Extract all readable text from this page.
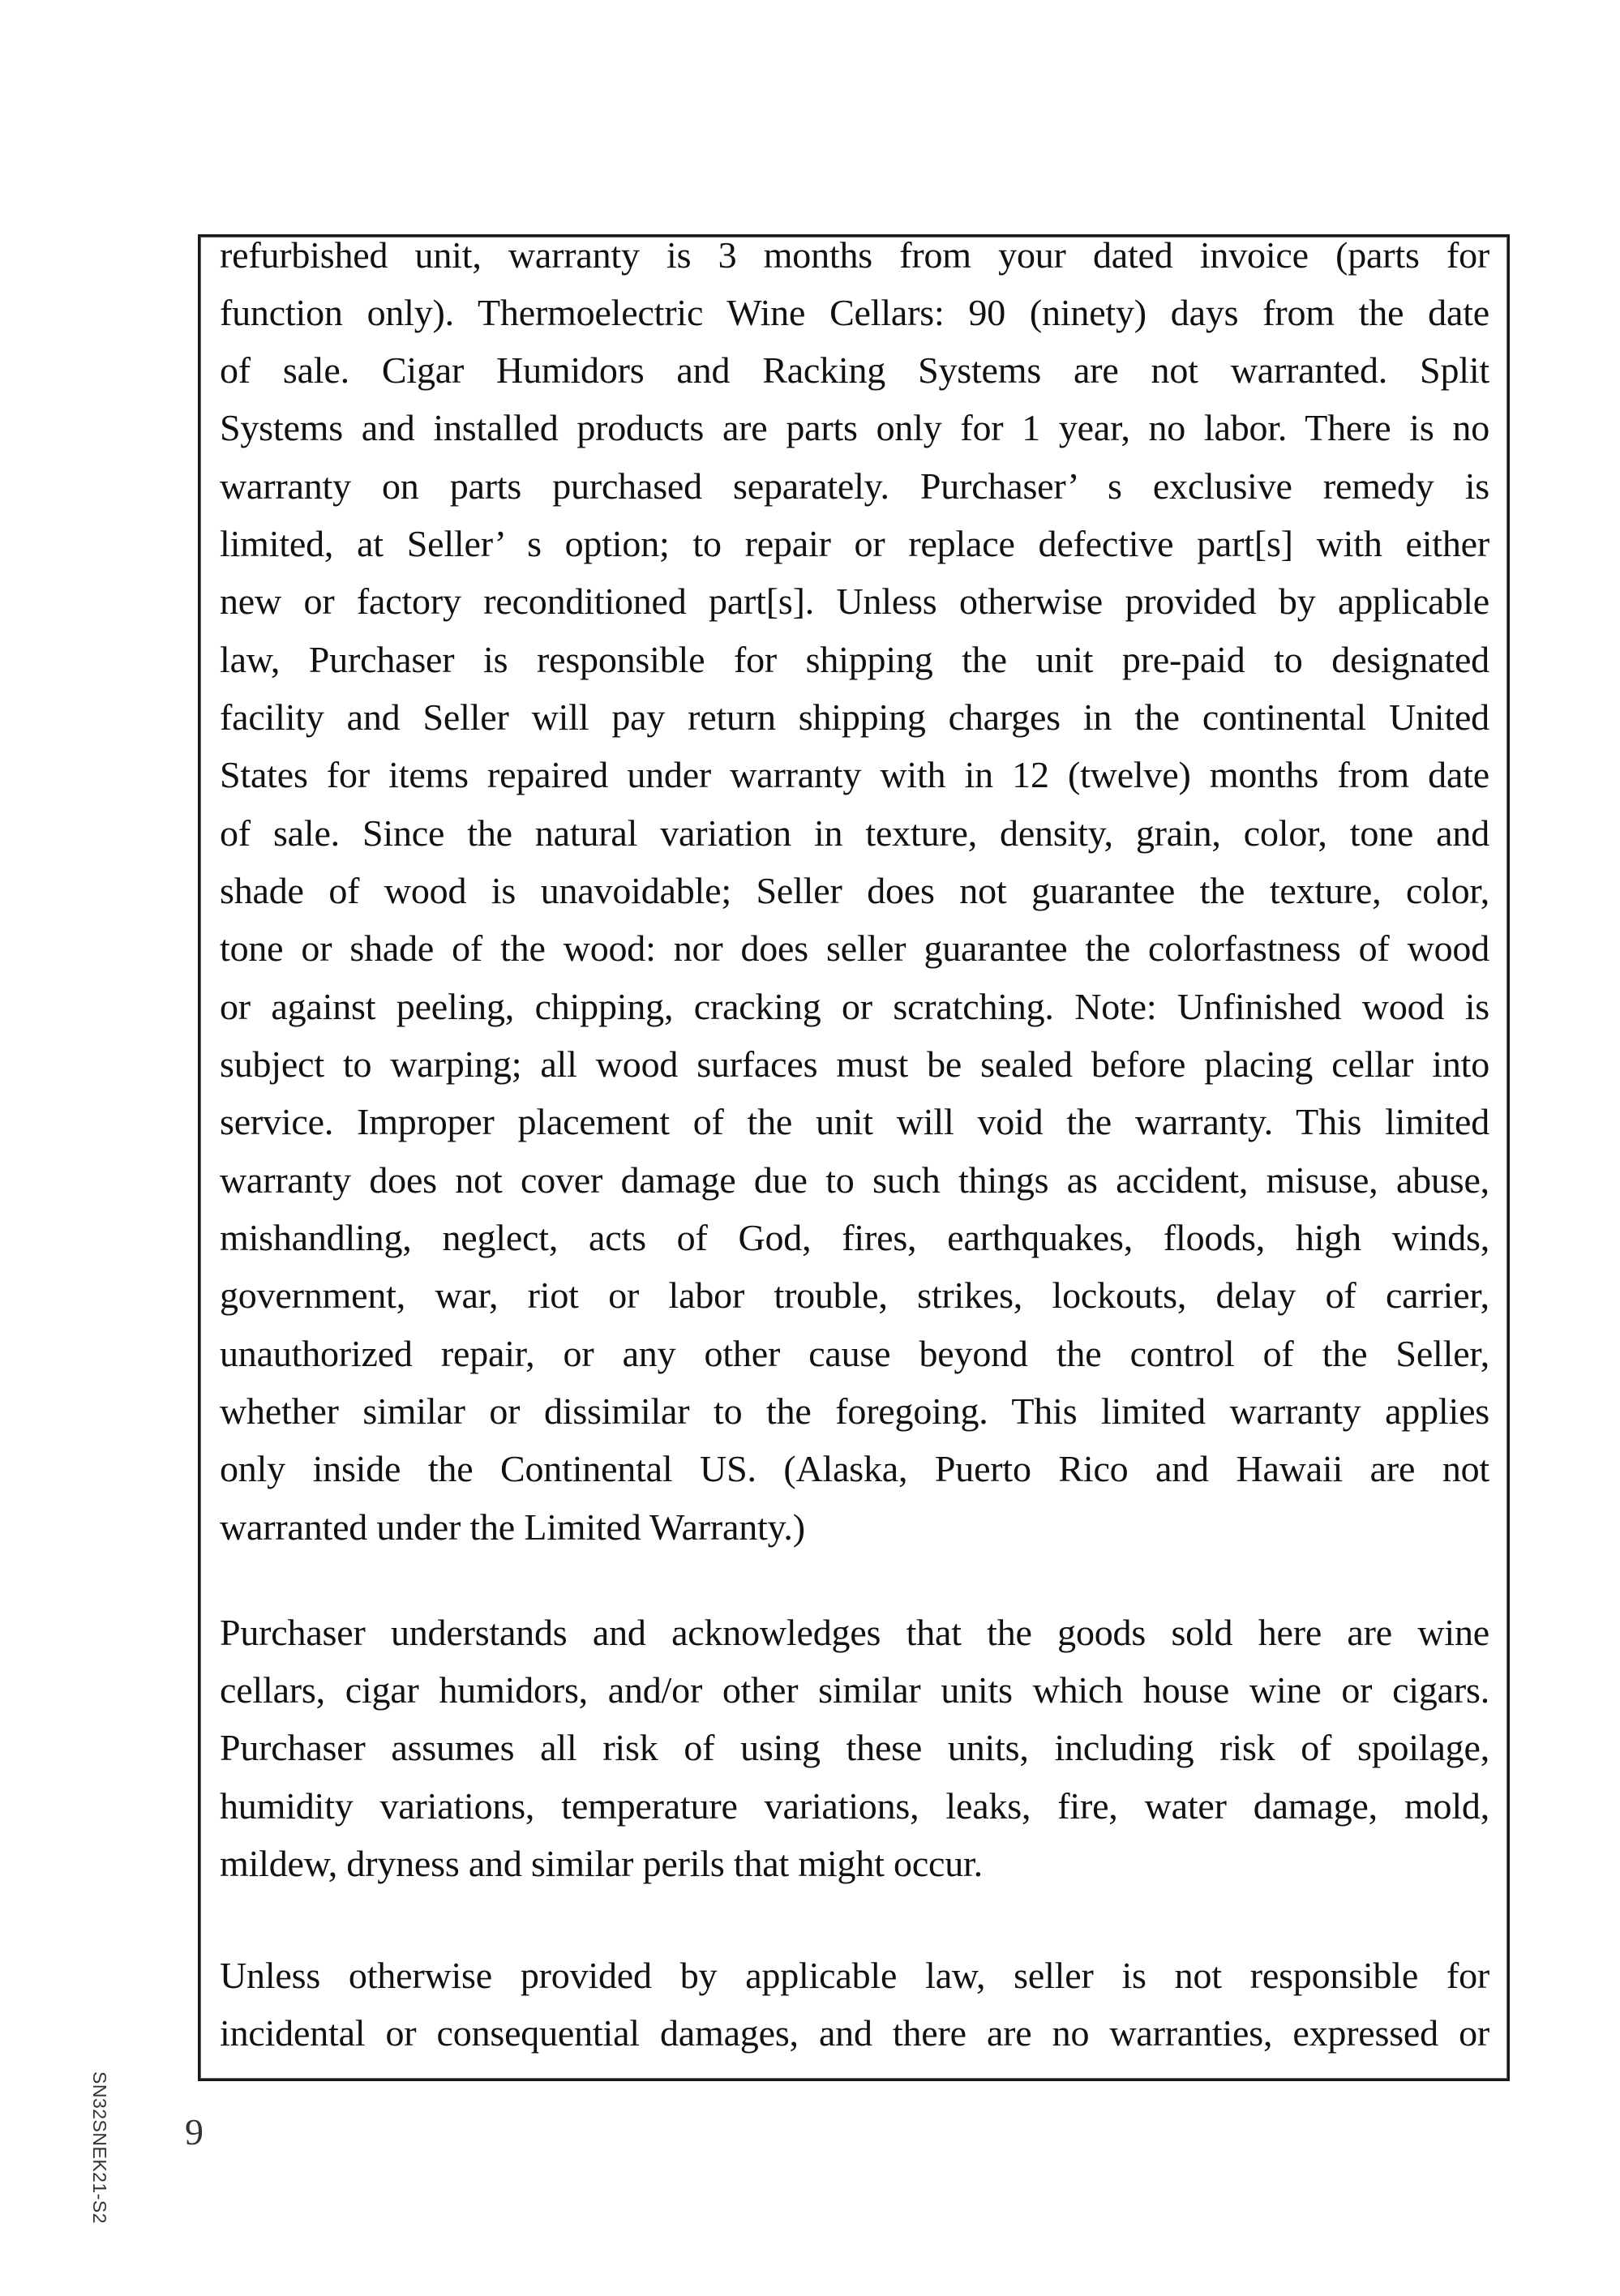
refurbished unit, warranty is 3 months from your dated invoice (parts for
function only). Thermoelectric Wine Cellars: 90 (ninety) days from the date
of sale. Cigar Humidors and Racking Systems are not warranted. Split
Systems and installed products are parts only for 1 year, no labor. There is no
warranty on parts purchased separately. Purchaser’ s exclusive remedy is
limited, at Seller’ s option; to repair or replace defective part[s] with either
new or factory reconditioned part[s]. Unless otherwise provided by applicable
law, Purchaser is responsible for shipping the unit pre-paid to designated
facility and Seller will pay return shipping charges in the continental United
States for items repaired under warranty with in 12 (twelve) months from date
of sale. Since the natural variation in texture, density, grain, color, tone and
shade of wood is unavoidable; Seller does not guarantee the texture, color,
tone or shade of the wood: nor does seller guarantee the colorfastness of wood
or against peeling, chipping, cracking or scratching. Note: Unfinished wood is
subject to warping; all wood surfaces must be sealed before placing cellar into
service. Improper placement of the unit will void the warranty. This limited
warranty does not cover damage due to such things as accident, misuse, abuse,
mishandling, neglect, acts of God, fires, earthquakes, floods, high winds,
government, war, riot or labor trouble, strikes, lockouts, delay of carrier,
unauthorized repair, or any other cause beyond the control of the Seller,
whether similar or dissimilar to the foregoing. This limited warranty applies
only inside the Continental US. (Alaska, Puerto Rico and Hawaii are not
warranted under the Limited Warranty.)
Purchaser understands and acknowledges that the goods sold here are wine
cellars, cigar humidors, and/or other similar units which house wine or cigars.
Purchaser assumes all risk of using these units, including risk of spoilage,
humidity variations, temperature variations, leaks, fire, water damage, mold,
mildew, dryness and similar perils that might occur.
Unless otherwise provided by applicable law, seller is not responsible for
incidental or consequential damages, and there are no warranties, expressed or
SN32SNEK21-S2 9
